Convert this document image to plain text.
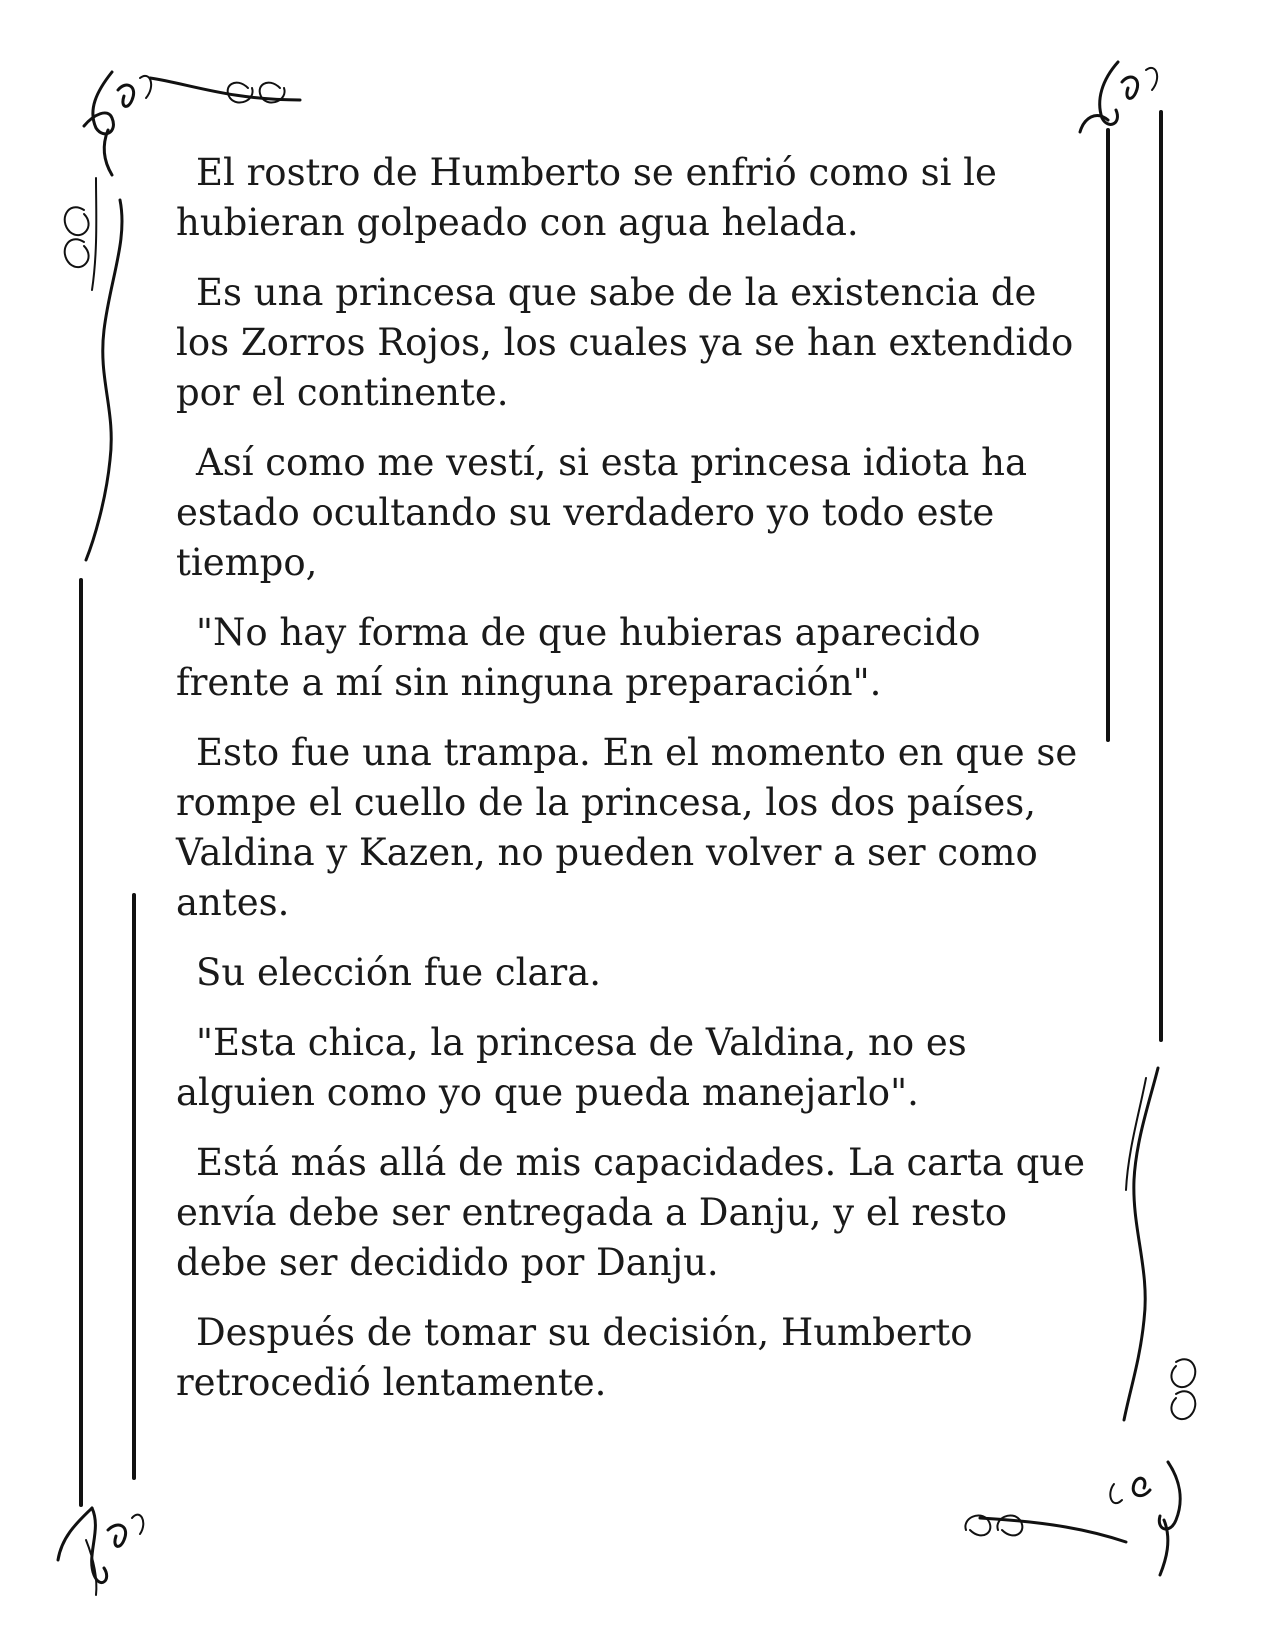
El rostro de Humberto se enfrió como si le hubieran golpeado con agua helada.

Es una princesa que sabe de la existencia de los Zorros Rojos, los cuales ya se han extendido por el continente.

Así como me vestí, si esta princesa idiota ha estado ocultando su verdadero yo todo este tiempo,

"No hay forma de que hubieras aparecido frente a mí sin ninguna preparación".

Esto fue una trampa. En el momento en que se rompe el cuello de la princesa, los dos países, Valdina y Kazen, no pueden volver a ser como antes.

Su elección fue clara.

"Esta chica, la princesa de Valdina, no es alguien como yo que pueda manejarlo".

Está más allá de mis capacidades. La carta que envía debe ser entregada a Danju, y el resto debe ser decidido por Danju.

Después de tomar su decisión, Humberto retrocedió lentamente.
